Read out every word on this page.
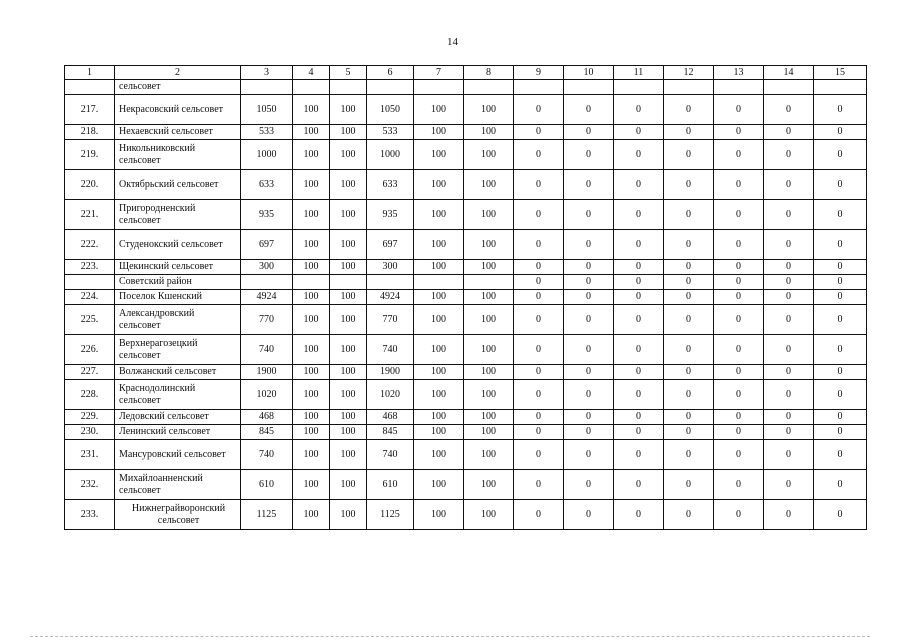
14
1	2	3	4	5	6	7	8	9	10	11	12	13	14	15
	сельсовет													
217.	Некрасовский сельсовет	1050	100	100	1050	100	100	0	0	0	0	0	0	0
218.	Нехаевский сельсовет	533	100	100	533	100	100	0	0	0	0	0	0	0
219.	Никольниковский сельсовет	1000	100	100	1000	100	100	0	0	0	0	0	0	0
220.	Октябрьский сельсовет	633	100	100	633	100	100	0	0	0	0	0	0	0
221.	Пригородненский сельсовет	935	100	100	935	100	100	0	0	0	0	0	0	0
222.	Студенокский сельсовет	697	100	100	697	100	100	0	0	0	0	0	0	0
223.	Щекинский сельсовет	300	100	100	300	100	100	0	0	0	0	0	0	0
	Советский район							0	0	0	0	0	0	0
224.	Поселок Кшенский	4924	100	100	4924	100	100	0	0	0	0	0	0	0
225.	Александровский сельсовет	770	100	100	770	100	100	0	0	0	0	0	0	0
226.	Верхнерагозецкий сельсовет	740	100	100	740	100	100	0	0	0	0	0	0	0
227.	Волжанский сельсовет	1900	100	100	1900	100	100	0	0	0	0	0	0	0
228.	Краснодолинский сельсовет	1020	100	100	1020	100	100	0	0	0	0	0	0	0
229.	Ледовский сельсовет	468	100	100	468	100	100	0	0	0	0	0	0	0
230.	Ленинский сельсовет	845	100	100	845	100	100	0	0	0	0	0	0	0
231.	Мансуровский сельсовет	740	100	100	740	100	100	0	0	0	0	0	0	0
232.	Михайлоанненский сельсовет	610	100	100	610	100	100	0	0	0	0	0	0	0
233.	Нижнеграйворонский сельсовет	1125	100	100	1125	100	100	0	0	0	0	0	0	0
